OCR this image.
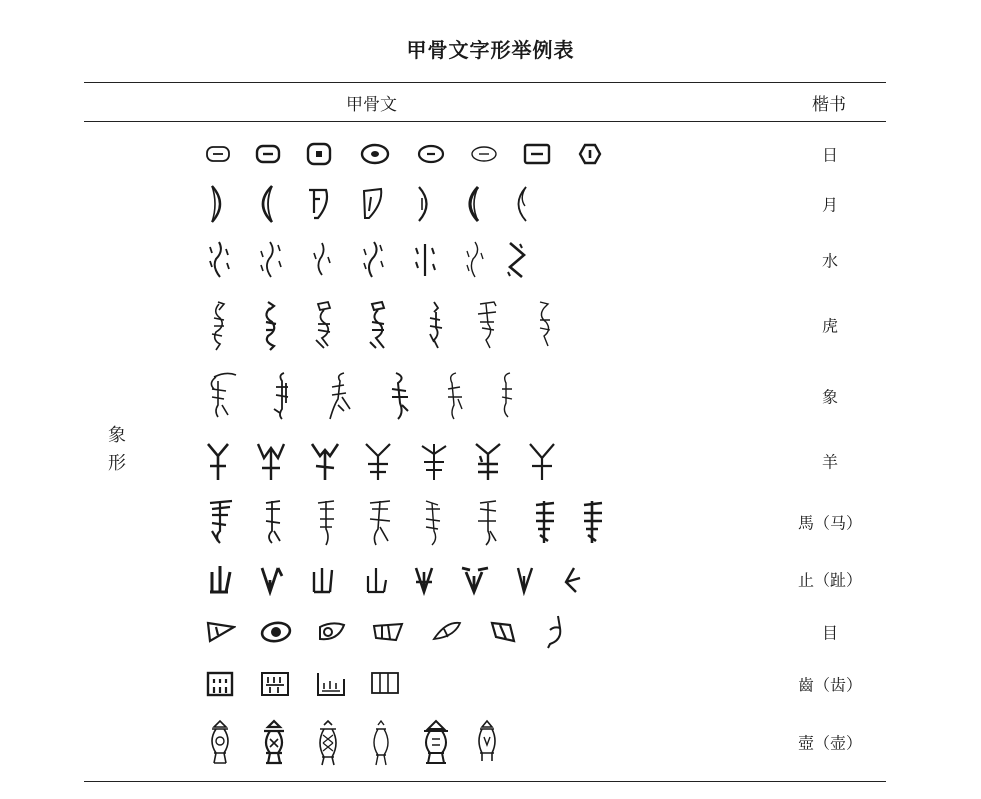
甲骨文字形举例表
甲骨文	楷书
象
形
日
月
水
虎
象
羊
馬（马）
止（趾）
目
齒（齿）
壺（壶）
